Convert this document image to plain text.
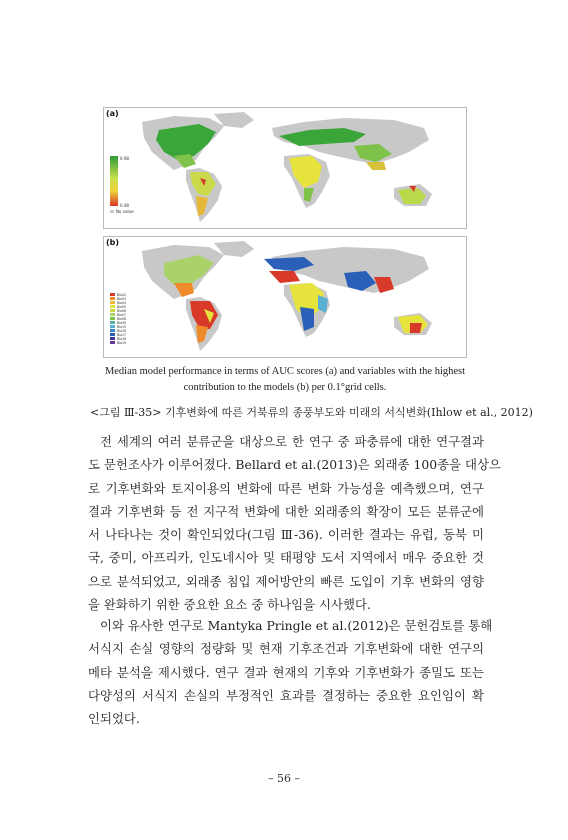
0.98
0.48
No value
(a)
Bio02
Bio03
Bio04
Bio05
Bio06
Bio07
Bio08
Bio09
Bio15
Bio16
Bio17
Bio18
Bio19
(b)
Median model performance in terms of AUC scores (a) and variables with the highest
contribution to the models (b) per 0.1°grid cells.
<그림 Ⅲ-35> 기후변화에 따른 거북류의 종풍부도와 미래의 서식변화(Ihlow et al., 2012)
전 세계의 여러 분류군을 대상으로 한 연구 중 파충류에 대한 연구결과
도 문헌조사가 이루어졌다. Bellard et al.(2013)은 외래종 100종을 대상으
로 기후변화와 토지이용의 변화에 따른 변화 가능성을 예측했으며, 연구
결과 기후변화 등 전 지구적 변화에 대한 외래종의 확장이 모든 분류군에
서 나타나는 것이 확인되었다(그림 Ⅲ-36). 이러한 결과는 유럽, 동북 미
국, 중미, 아프리카, 인도네시아 및 태평양 도서 지역에서 매우 중요한 것
으로 분석되었고, 외래종 침입 제어방안의 빠른 도입이 기후 변화의 영향
을 완화하기 위한 중요한 요소 중 하나임을 시사했다.
이와 유사한 연구로 Mantyka Pringle et al.(2012)은 문헌검토를 통해
서식지 손실 영향의 정량화 및 현재 기후조건과 기후변화에 대한 연구의
메타 분석을 제시했다. 연구 결과 현재의 기후와 기후변화가 종밀도 또는
다양성의 서식지 손실의 부정적인 효과를 결정하는 중요한 요인임이 확
인되었다.
– 56 –
